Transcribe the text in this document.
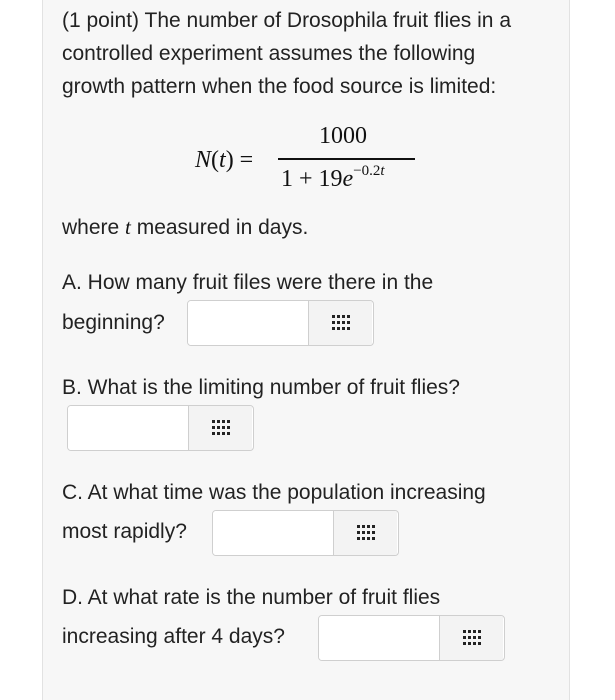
(1 point) The number of Drosophila fruit flies in a
controlled experiment assumes the following
growth pattern when the food source is limited:
N(t) =
1000
$1 + 19e^{-0.2t}$
where t measured in days.
A. How many fruit files were there in the
beginning?
B. What is the limiting number of fruit flies?
C. At what time was the population increasing
most rapidly?
D. At what rate is the number of fruit flies
increasing after 4 days?
